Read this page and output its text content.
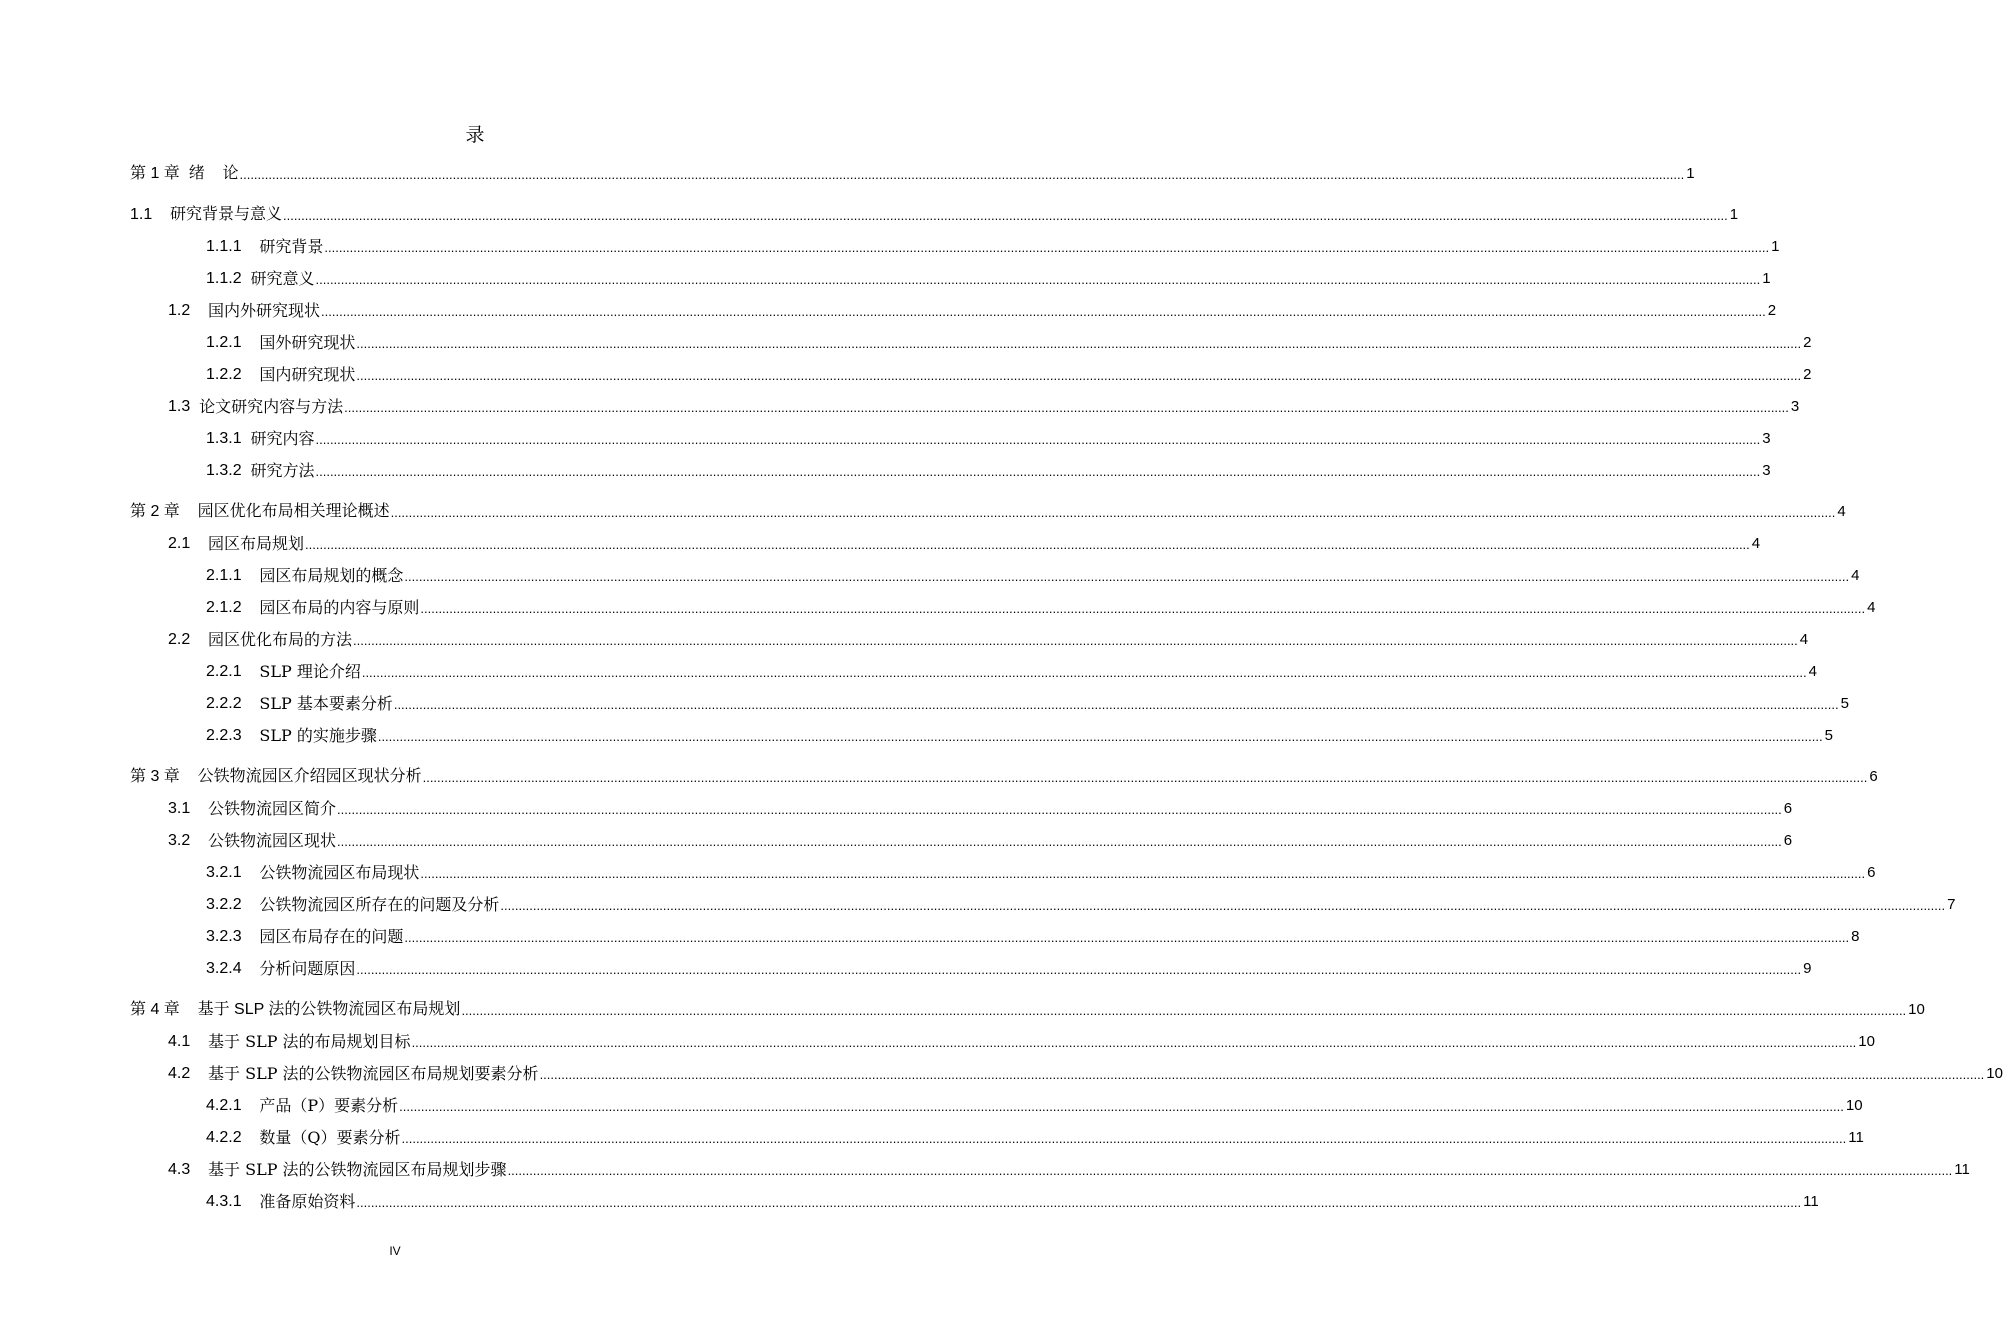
录
第 1 章 绪    论 ................................................................................................................................................................................................................................................................................................................................................................................................................ 1
1.1 研究背景与意义 ................................................................................................................................................................................................................................................................................................................................................................................................................ 1
1.1.1 研究背景 ................................................................................................................................................................................................................................................................................................................................................................................................................ 1
1.1.2 研究意义 ................................................................................................................................................................................................................................................................................................................................................................................................................ 1
1.2 国内外研究现状 ................................................................................................................................................................................................................................................................................................................................................................................................................ 2
1.2.1 国外研究现状 ................................................................................................................................................................................................................................................................................................................................................................................................................ 2
1.2.2 国内研究现状 ................................................................................................................................................................................................................................................................................................................................................................................................................ 2
1.3 论文研究内容与方法 ................................................................................................................................................................................................................................................................................................................................................................................................................ 3
1.3.1 研究内容 ................................................................................................................................................................................................................................................................................................................................................................................................................ 3
1.3.2 研究方法 ................................................................................................................................................................................................................................................................................................................................................................................................................ 3
第 2 章 园区优化布局相关理论概述 ................................................................................................................................................................................................................................................................................................................................................................................................................ 4
2.1 园区布局规划 ................................................................................................................................................................................................................................................................................................................................................................................................................ 4
2.1.1 园区布局规划的概念 ................................................................................................................................................................................................................................................................................................................................................................................................................ 4
2.1.2 园区布局的内容与原则 ................................................................................................................................................................................................................................................................................................................................................................................................................ 4
2.2 园区优化布局的方法 ................................................................................................................................................................................................................................................................................................................................................................................................................ 4
2.2.1 SLP 理论介绍 ................................................................................................................................................................................................................................................................................................................................................................................................................ 4
2.2.2 SLP 基本要素分析 ................................................................................................................................................................................................................................................................................................................................................................................................................ 5
2.2.3 SLP 的实施步骤 ................................................................................................................................................................................................................................................................................................................................................................................................................ 5
第 3 章 公铁物流园区介绍园区现状分析 ................................................................................................................................................................................................................................................................................................................................................................................................................ 6
3.1 公铁物流园区简介 ................................................................................................................................................................................................................................................................................................................................................................................................................ 6
3.2 公铁物流园区现状 ................................................................................................................................................................................................................................................................................................................................................................................................................ 6
3.2.1 公铁物流园区布局现状 ................................................................................................................................................................................................................................................................................................................................................................................................................ 6
3.2.2 公铁物流园区所存在的问题及分析 ................................................................................................................................................................................................................................................................................................................................................................................................................ 7
3.2.3 园区布局存在的问题 ................................................................................................................................................................................................................................................................................................................................................................................................................ 8
3.2.4 分析问题原因 ................................................................................................................................................................................................................................................................................................................................................................................................................ 9
第 4 章 基于 SLP 法的公铁物流园区布局规划 ................................................................................................................................................................................................................................................................................................................................................................................................................ 10
4.1 基于 SLP 法的布局规划目标 ................................................................................................................................................................................................................................................................................................................................................................................................................ 10
4.2 基于 SLP 法的公铁物流园区布局规划要素分析 ................................................................................................................................................................................................................................................................................................................................................................................................................ 10
4.2.1 产品（P）要素分析 ................................................................................................................................................................................................................................................................................................................................................................................................................ 10
4.2.2 数量（Q）要素分析 ................................................................................................................................................................................................................................................................................................................................................................................................................ 11
4.3 基于 SLP 法的公铁物流园区布局规划步骤 ................................................................................................................................................................................................................................................................................................................................................................................................................ 11
4.3.1 准备原始资料 ................................................................................................................................................................................................................................................................................................................................................................................................................ 11
IV
